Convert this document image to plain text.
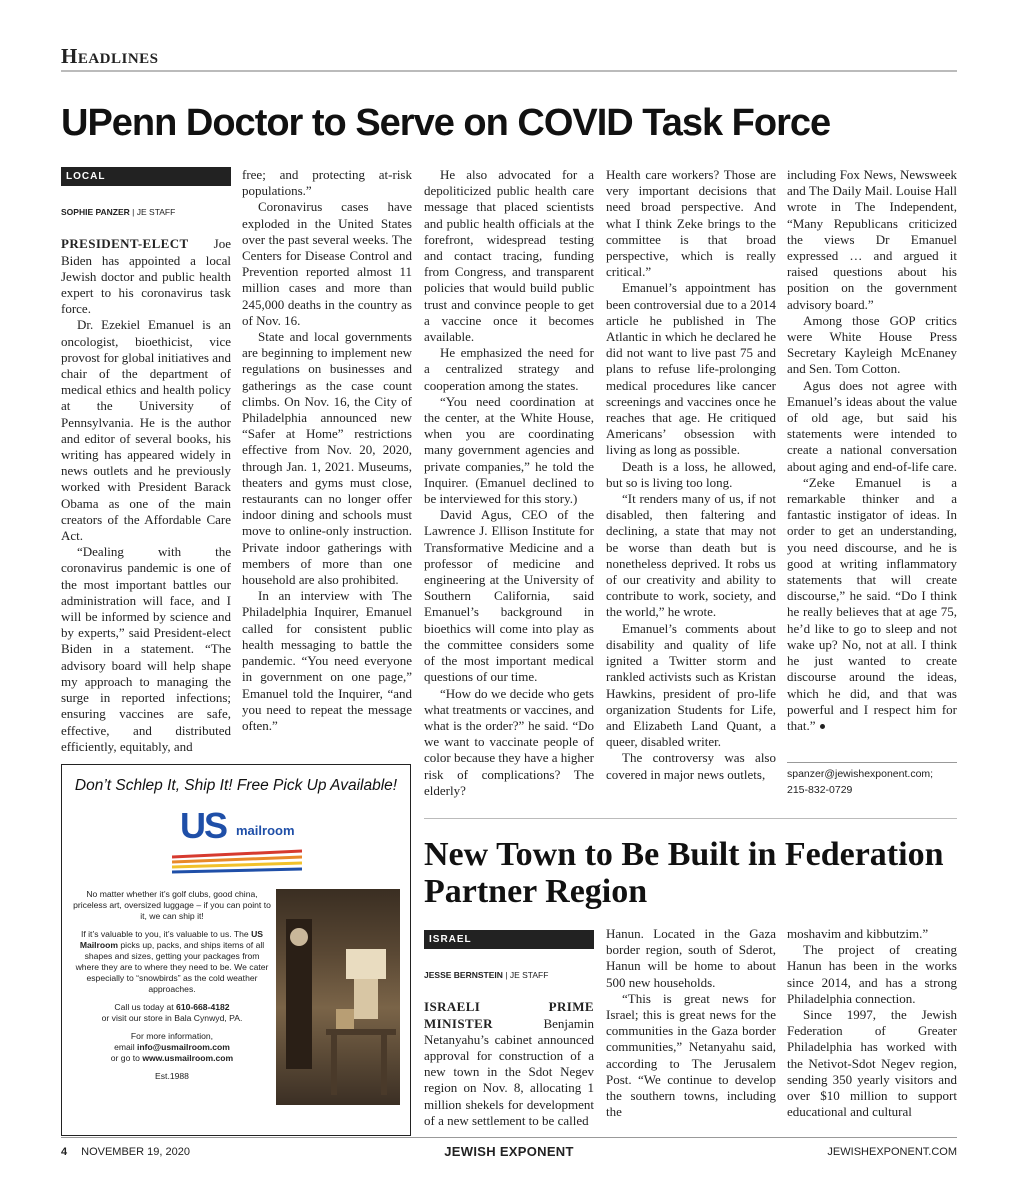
Headlines
UPenn Doctor to Serve on COVID Task Force
LOCAL
SOPHIE PANZER | JE STAFF

PRESIDENT-ELECT Joe Biden has appointed a local Jewish doctor and public health expert to his coronavirus task force.

Dr. Ezekiel Emanuel is an oncologist, bioethicist, vice provost for global initiatives and chair of the department of medical ethics and health policy at the University of Pennsylvania. He is the author and editor of several books, his writing has appeared widely in news outlets and he previously worked with President Barack Obama as one of the main creators of the Affordable Care Act.

“Dealing with the coronavirus pandemic is one of the most important battles our administration will face, and I will be informed by science and by experts,” said President-elect Biden in a statement. “The advisory board will help shape my approach to managing the surge in reported infections; ensuring vaccines are safe, effective, and distributed efficiently, equitably, and

free; and protecting at-risk populations.”

Coronavirus cases have exploded in the United States over the past several weeks. The Centers for Disease Control and Prevention reported almost 11 million cases and more than 245,000 deaths in the country as of Nov. 16.

State and local governments are beginning to implement new regulations on businesses and gatherings as the case count climbs. On Nov. 16, the City of Philadelphia announced new “Safer at Home” restrictions effective from Nov. 20, 2020, through Jan. 1, 2021. Museums, theaters and gyms must close, restaurants can no longer offer indoor dining and schools must move to online-only instruction. Private indoor gatherings with members of more than one household are also prohibited.

In an interview with The Philadelphia Inquirer, Emanuel called for consistent public health messaging to battle the pandemic. “You need everyone in government on one page,” Emanuel told the Inquirer, “and you need to repeat the message often.”

He also advocated for a depoliticized public health care message that placed scientists and public health officials at the forefront, widespread testing and contact tracing, funding from Congress, and transparent policies that would build public trust and convince people to get a vaccine once it becomes available.

He emphasized the need for a centralized strategy and cooperation among the states.

“You need coordination at the center, at the White House, when you are coordinating many government agencies and private companies,” he told the Inquirer. (Emanuel declined to be interviewed for this story.)

David Agus, CEO of the Lawrence J. Ellison Institute for Transformative Medicine and a professor of medicine and engineering at the University of Southern California, said Emanuel’s background in bioethics will come into play as the committee considers some of the most important medical questions of our time.

“How do we decide who gets what treatments or vaccines, and what is the order?” he said. “Do we want to vaccinate people of color because they have a higher risk of complications? The elderly?

Health care workers? Those are very important decisions that need broad perspective. And what I think Zeke brings to the committee is that broad perspective, which is really critical.”

Emanuel’s appointment has been controversial due to a 2014 article he published in The Atlantic in which he declared he did not want to live past 75 and plans to refuse life-prolonging medical procedures like cancer screenings and vaccines once he reaches that age. He critiqued Americans’ obsession with living as long as possible.

Death is a loss, he allowed, but so is living too long.

“It renders many of us, if not disabled, then faltering and declining, a state that may not be worse than death but is nonetheless deprived. It robs us of our creativity and ability to contribute to work, society, and the world,” he wrote.

Emanuel’s comments about disability and quality of life ignited a Twitter storm and rankled activists such as Kristan Hawkins, president of pro-life organization Students for Life, and Elizabeth Land Quant, a queer, disabled writer.

The controversy was also covered in major news outlets,

including Fox News, Newsweek and The Daily Mail. Louise Hall wrote in The Independent, “Many Republicans criticized the views Dr Emanuel expressed … and argued it raised questions about his position on the government advisory board.”

Among those GOP critics were White House Press Secretary Kayleigh McEnaney and Sen. Tom Cotton.

Agus does not agree with Emanuel’s ideas about the value of old age, but said his statements were intended to create a national conversation about aging and end-of-life care.

“Zeke Emanuel is a remarkable thinker and a fantastic instigator of ideas. In order to get an understanding, you need discourse, and he is good at writing inflammatory statements that will create discourse,” he said. “Do I think he really believes that at age 75, he’d like to go to sleep and not wake up? No, not at all. I think he just wanted to create discourse around the ideas, which he did, and that was powerful and I respect him for that.”

spanzer@jewishexponent.com;
215-832-0729
Don’t Schlep It, Ship It! Free Pick Up Available!
US mailroom

No matter whether it’s golf clubs, good china, priceless art, oversized luggage – if you can point to it, we can ship it!

If it’s valuable to you, it’s valuable to us. The US Mailroom picks up, packs, and ships items of all shapes and sizes, getting your packages from where they are to where they need to be. We cater especially to “snowbirds” as the cold weather approaches.

Call us today at 610-668-4182
or visit our store in Bala Cynwyd, PA.

For more information,
email info@usmailroom.com
or go to www.usmailroom.com

Est.1988

New Town to Be Built in Federation Partner Region
ISRAEL
JESSE BERNSTEIN | JE STAFF

ISRAELI PRIME MINISTER Benjamin Netanyahu’s cabinet announced approval for construction of a new town in the Sdot Negev region on Nov. 8, allocating 1 million shekels for development of a new settlement to be called

Hanun. Located in the Gaza border region, south of Sderot, Hanun will be home to about 500 new households.

“This is great news for Israel; this is great news for the communities in the Gaza border communities,” Netanyahu said, according to The Jerusalem Post. “We continue to develop the southern towns, including the

moshavim and kibbutzim.”

The project of creating Hanun has been in the works since 2014, and has a strong Philadelphia connection.

Since 1997, the Jewish Federation of Greater Philadelphia has worked with the Netivot-Sdot Negev region, sending 350 yearly visitors and over $10 million to support educational and cultural

4 NOVEMBER 19, 2020	JEWISH EXPONENT	JEWISHEXPONENT.COM
